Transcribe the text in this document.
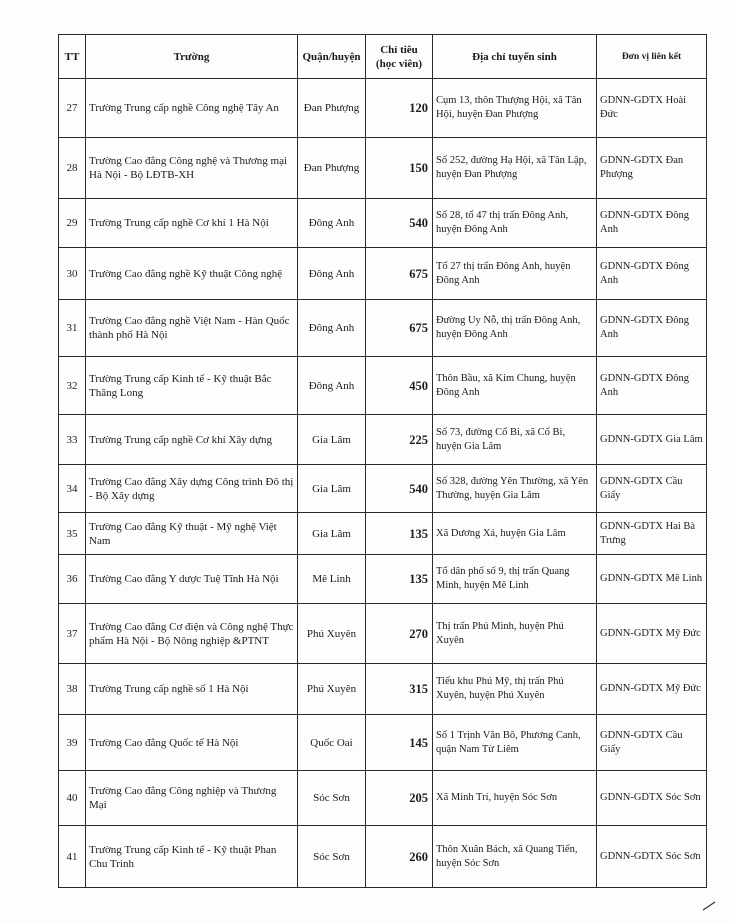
TT	Trường	Quận/huyện	Chỉ tiêu (học viên)	Địa chỉ tuyển sinh	Đơn vị liên kết
27	Trường Trung cấp nghề Công nghệ Tây An	Đan Phượng	120	Cụm 13, thôn Thượng Hội, xã Tân Hội, huyện Đan Phượng	GDNN-GDTX Hoài Đức
28	Trường Cao đẳng Công nghệ và Thương mại Hà Nội - Bộ LĐTB-XH	Đan Phượng	150	Số 252, đường Hạ Hội, xã Tân Lập, huyện Đan Phượng	GDNN-GDTX Đan Phượng
29	Trường Trung cấp nghề Cơ khí 1 Hà Nội	Đông Anh	540	Số 28, tổ 47 thị trấn Đông Anh, huyện Đông Anh	GDNN-GDTX Đông Anh
30	Trường Cao đẳng nghề Kỹ thuật Công nghệ	Đông Anh	675	Tổ 27 thị trấn Đông Anh, huyện Đông Anh	GDNN-GDTX Đông Anh
31	Trường Cao đẳng nghề Việt Nam - Hàn Quốc thành phố Hà Nội	Đông Anh	675	Đường Uy Nỗ, thị trấn Đông Anh, huyện Đông Anh	GDNN-GDTX Đông Anh
32	Trường Trung cấp Kinh tế - Kỹ thuật Bắc Thăng Long	Đông Anh	450	Thôn Bầu, xã Kim Chung, huyện Đông Anh	GDNN-GDTX Đông Anh
33	Trường Trung cấp nghề Cơ khí Xây dựng	Gia Lâm	225	Số 73, đường Cổ Bi, xã Cổ Bi, huyện Gia Lâm	GDNN-GDTX Gia Lâm
34	Trường Cao đẳng Xây dựng Công trình Đô thị - Bộ Xây dựng	Gia Lâm	540	Số 328, đường Yên Thường, xã Yên Thường, huyện Gia Lâm	GDNN-GDTX Cầu Giấy
35	Trường Cao đẳng Kỹ thuật - Mỹ nghệ Việt Nam	Gia Lâm	135	Xã Dương Xá, huyện Gia Lâm	GDNN-GDTX Hai Bà Trưng
36	Trường Cao đẳng Y dược Tuệ Tĩnh Hà Nội	Mê Linh	135	Tổ dân phố số 9, thị trấn Quang Minh, huyện Mê Linh	GDNN-GDTX Mê Linh
37	Trường Cao đẳng Cơ điện và Công nghệ Thực phẩm Hà Nội - Bộ Nông nghiệp &PTNT	Phú Xuyên	270	Thị trấn Phú Minh, huyện Phú Xuyên	GDNN-GDTX Mỹ Đức
38	Trường Trung cấp nghề số 1 Hà Nội	Phú Xuyên	315	Tiểu khu Phú Mỹ, thị trấn Phú Xuyên, huyện Phú Xuyên	GDNN-GDTX Mỹ Đức
39	Trường Cao đẳng Quốc tế Hà Nội	Quốc Oai	145	Số 1 Trịnh Văn Bô, Phương Canh, quận Nam Từ Liêm	GDNN-GDTX Cầu Giấy
40	Trường Cao đẳng Công nghiệp và Thương Mại	Sóc Sơn	205	Xã Minh Trí, huyện Sóc Sơn	GDNN-GDTX Sóc Sơn
41	Trường Trung cấp Kinh tế - Kỹ thuật Phan Chu Trinh	Sóc Sơn	260	Thôn Xuân Bách, xã Quang Tiến, huyện Sóc Sơn	GDNN-GDTX Sóc Sơn
